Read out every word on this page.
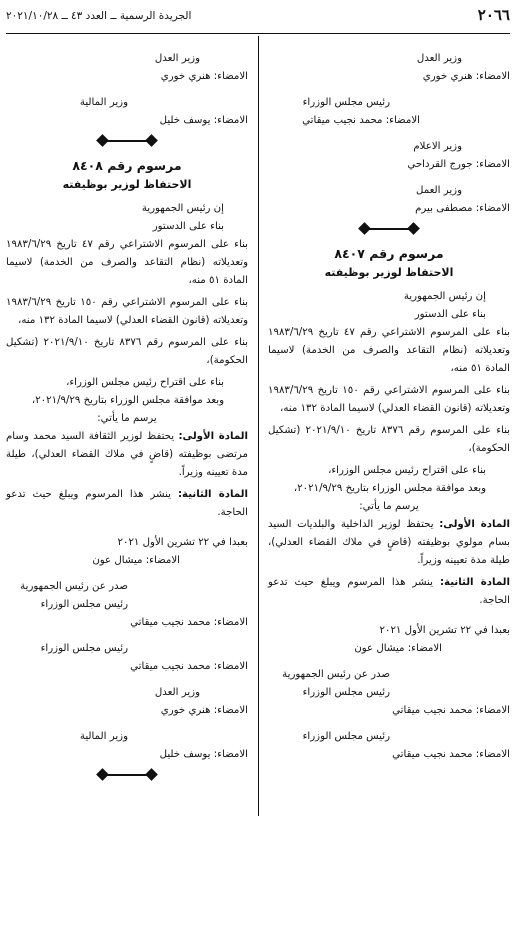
٢٠٦٦
الجريدة الرسمية ــ العدد ٤٣ ــ ٢٠٢١/١٠/٢٨
وزير العدل
الامضاء: هنري خوري
رئيس مجلس الوزراء
الامضاء: محمد نجيب ميقاتي
وزير الاعلام
الامضاء: جورج القرداحي
وزير العمل
الامضاء: مصطفى بيرم
مرسوم رقم ٨٤٠٧
الاحتفاظ لوزير بوظيفته
إن رئيس الجمهورية
بناء على الدستور
بناء على المرسوم الاشتراعي رقم ٤٧ تاريخ ١٩٨٣/٦/٢٩ وتعديلاته (نظام التقاعد والصرف من الخدمة) لاسيما المادة ٥١ منه،
بناء على المرسوم الاشتراعي رقم ١٥٠ تاريخ ١٩٨٣/٦/٢٩ وتعديلاته (قانون القضاء العدلي) لاسيما المادة ١٣٢ منه،
بناء على المرسوم رقم ٨٣٧٦ تاريخ ٢٠٢١/٩/١٠ (تشكيل الحكومة)،
بناء على اقتراح رئيس مجلس الوزراء،
وبعد موافقة مجلس الوزراء بتاريخ ٢٠٢١/٩/٢٩،
يرسم ما يأتي:
المادة الأولى: يحتفظ لوزير الداخلية والبلديات السيد بسام مولوي بوظيفته (قاضٍ في ملاك القضاء العدلي)، طيلة مدة تعيينه وزيراً.
المادة الثانية: ينشر هذا المرسوم ويبلغ حيث تدعو الحاجة.
بعبدا في ٢٢ تشرين الأول ٢٠٢١
الامضاء: ميشال عون
صدر عن رئيس الجمهورية
رئيس مجلس الوزراء
الامضاء: محمد نجيب ميقاتي
رئيس مجلس الوزراء
الامضاء: محمد نجيب ميقاتي
وزير العدل
الامضاء: هنري خوري
وزير المالية
الامضاء: يوسف خليل
مرسوم رقم ٨٤٠٨
الاحتفاظ لوزير بوظيفته
إن رئيس الجمهورية
بناء على الدستور
بناء على المرسوم الاشتراعي رقم ٤٧ تاريخ ١٩٨٣/٦/٢٩ وتعديلاته (نظام التقاعد والصرف من الخدمة) لاسيما المادة ٥١ منه،
بناء على المرسوم الاشتراعي رقم ١٥٠ تاريخ ١٩٨٣/٦/٢٩ وتعديلاته (قانون القضاء العدلي) لاسيما المادة ١٣٢ منه،
بناء على المرسوم رقم ٨٣٧٦ تاريخ ٢٠٢١/٩/١٠ (تشكيل الحكومة)،
بناء على اقتراح رئيس مجلس الوزراء،
وبعد موافقة مجلس الوزراء بتاريخ ٢٠٢١/٩/٢٩،
يرسم ما يأتي:
المادة الأولى: يحتفظ لوزير الثقافة السيد محمد وسام مرتضى بوظيفته (قاضٍ في ملاك القضاء العدلي)، طيلة مدة تعيينه وزيراً.
المادة الثانية: ينشر هذا المرسوم ويبلغ حيث تدعو الحاجة.
بعبدا في ٢٢ تشرين الأول ٢٠٢١
الامضاء: ميشال عون
صدر عن رئيس الجمهورية
رئيس مجلس الوزراء
الامضاء: محمد نجيب ميقاتي
رئيس مجلس الوزراء
الامضاء: محمد نجيب ميقاتي
وزير العدل
الامضاء: هنري خوري
وزير المالية
الامضاء: يوسف خليل
